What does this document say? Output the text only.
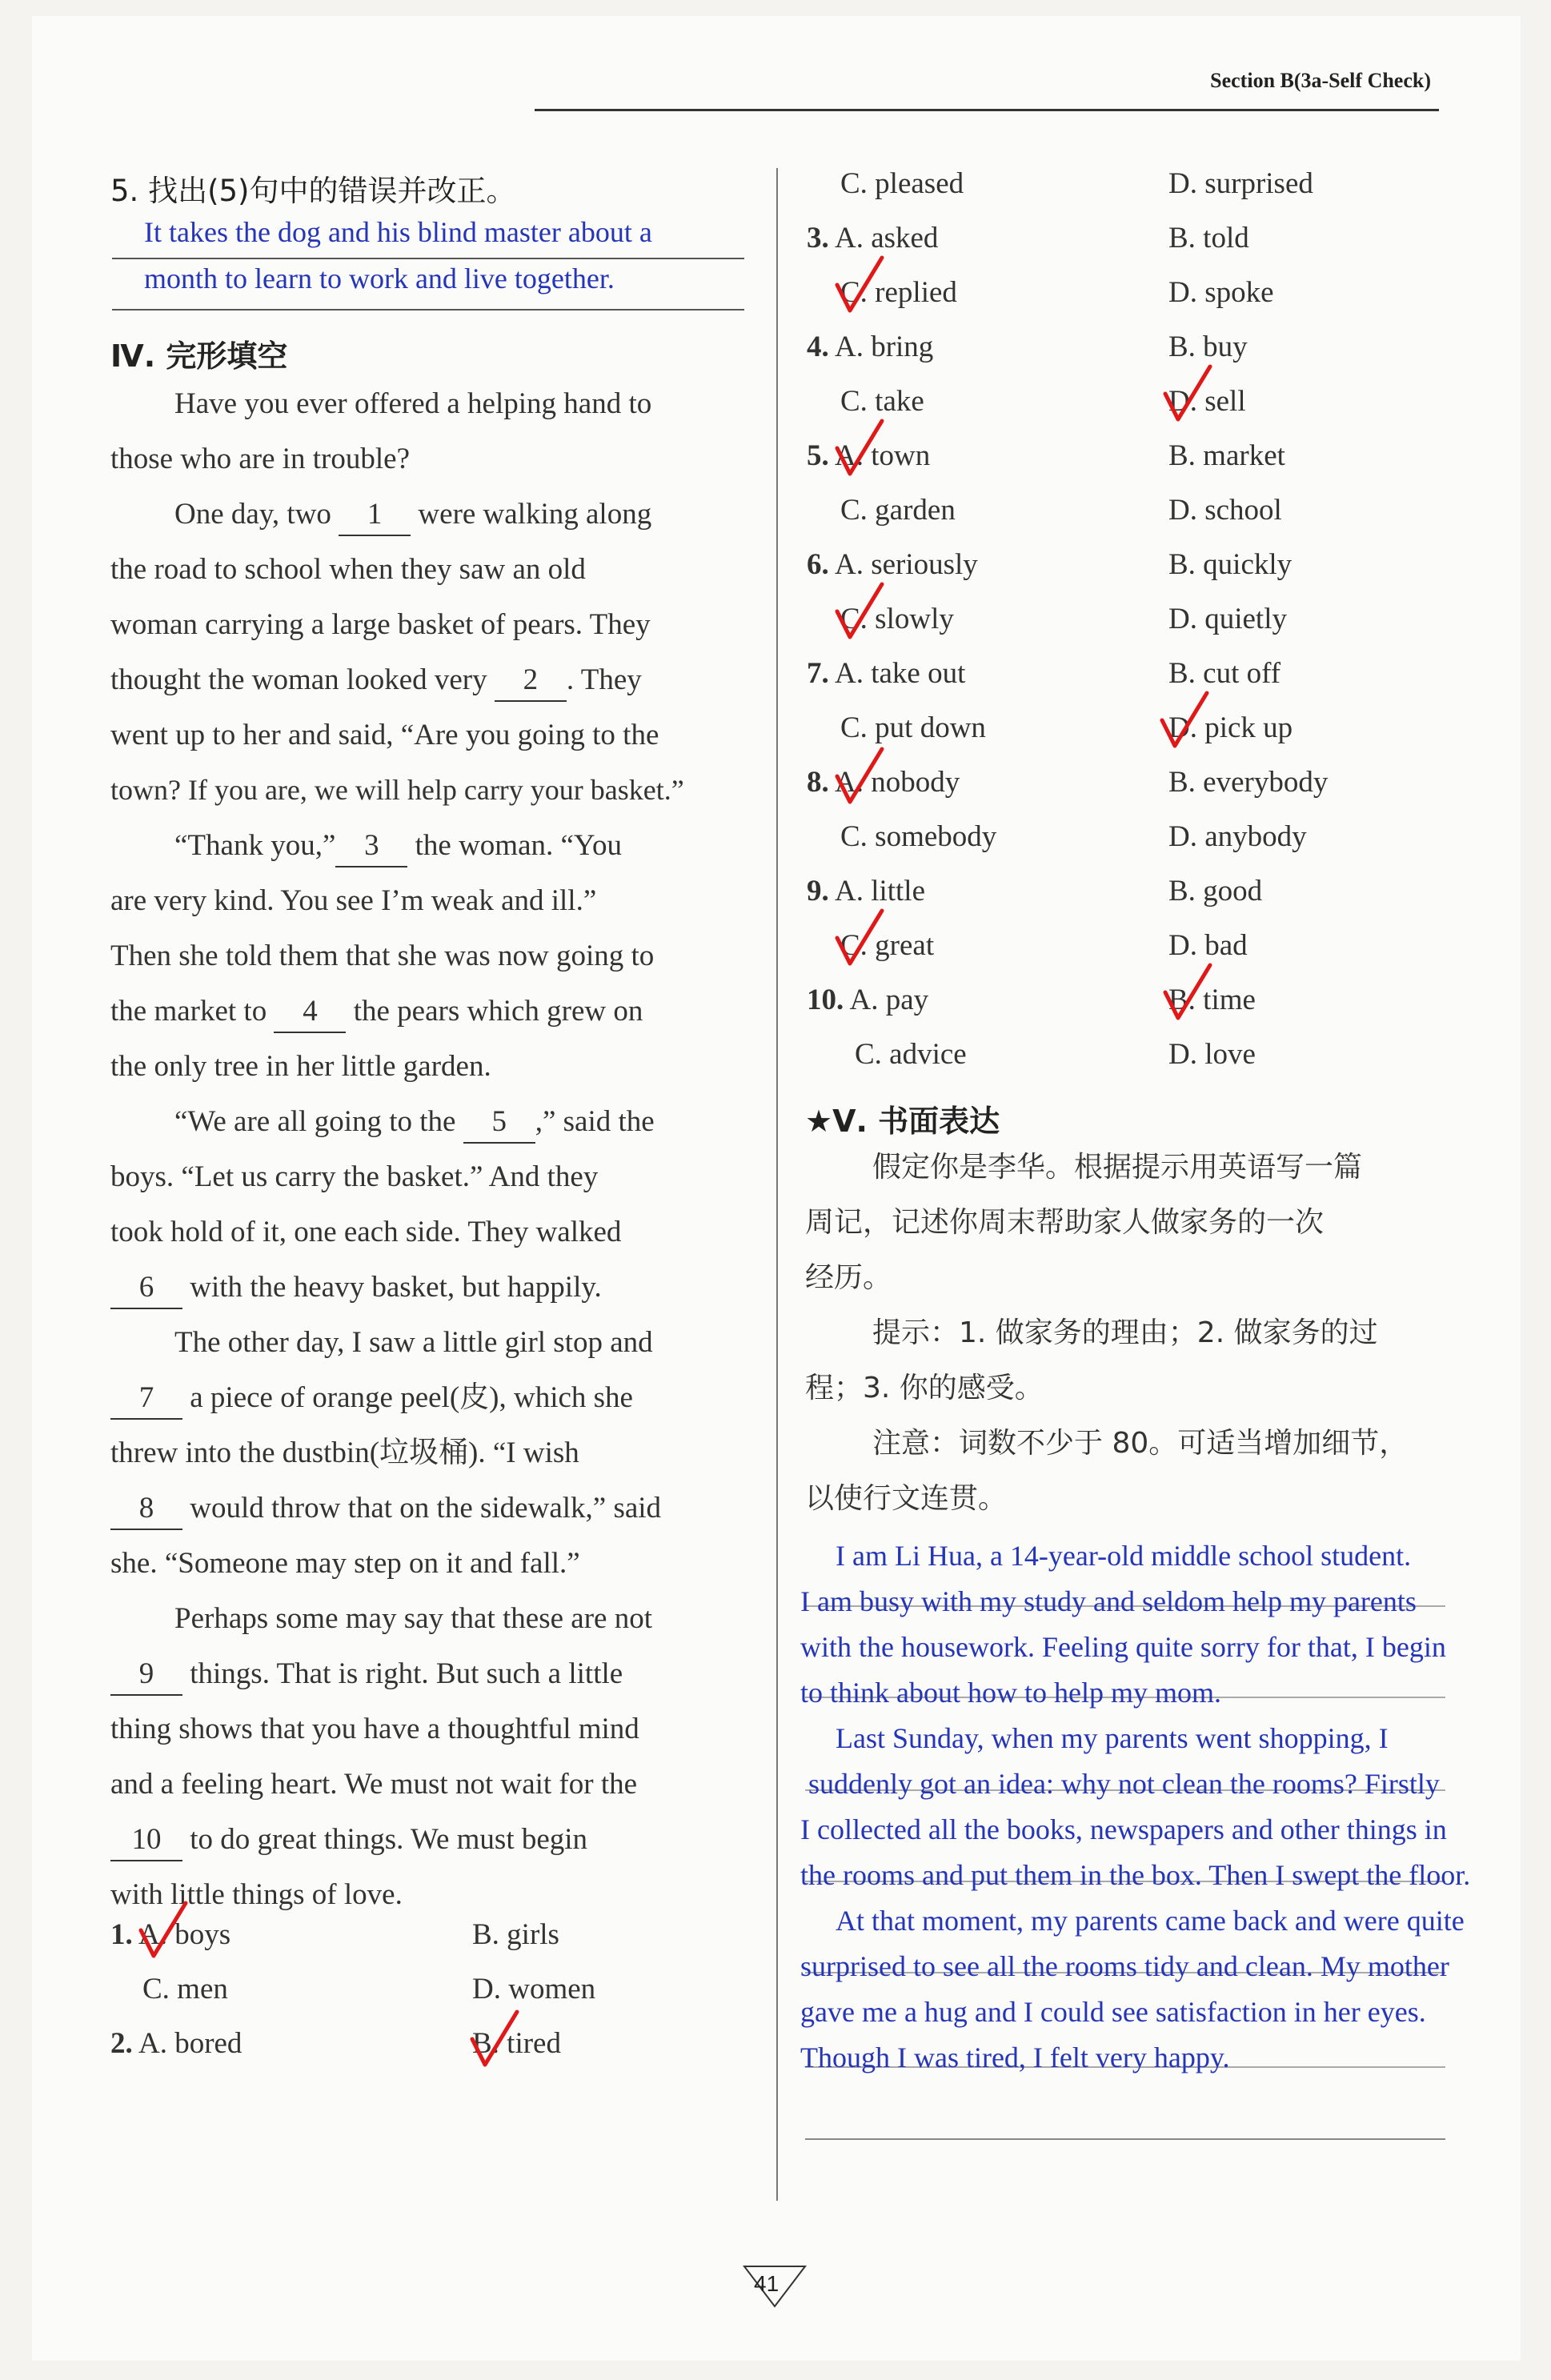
Section B(3a-Self Check)
5. 找出(5)句中的错误并改正。
It takes the dog and his blind master about a
month to learn to work and live together.
Ⅳ. 完形填空
Have you ever offered a helping hand to
those who are in trouble?
One day, two 1 were walking along
the road to school when they saw an old
woman carrying a large basket of pears. They
thought the woman looked very 2 . They
went up to her and said, “Are you going to the
town? If you are, we will help carry your basket.”
“Thank you,” 3 the woman. “You
are very kind. You see I’m weak and ill.”
Then she told them that she was now going to
the market to 4 the pears which grew on
the only tree in her little garden.
“We are all going to the 5 ,” said the
boys. “Let us carry the basket.” And they
took hold of it, one each side. They walked
6 with the heavy basket, but happily.
The other day, I saw a little girl stop and
7 a piece of orange peel(皮), which she
threw into the dustbin(垃圾桶). “I wish
8 would throw that on the sidewalk,” said
she. “Someone may step on it and fall.”
Perhaps some may say that these are not
9 things. That is right. But such a little
thing shows that you have a thoughtful mind
and a feeling heart. We must not wait for the
10 to do great things. We must begin
with little things of love.
1. A. boys	B. girls
C. men	D. women
2. A. bored	B. tired
C. pleased	D. surprised
3. A. asked	B. told
C. replied	D. spoke
4. A. bring	B. buy
C. take	D. sell
5. A. town	B. market
C. garden	D. school
6. A. seriously	B. quickly
C. slowly	D. quietly
7. A. take out	B. cut off
C. put down	D. pick up
8. A. nobody	B. everybody
C. somebody	D. anybody
9. A. little	B. good
C. great	D. bad
10. A. pay	B. time
C. advice	D. love
★Ⅴ. 书面表达
假定你是李华。根据提示用英语写一篇
周记，记述你周末帮助家人做家务的一次
经历。
提示：1. 做家务的理由；2. 做家务的过
程；3. 你的感受。
注意：词数不少于 80。可适当增加细节，
以使行文连贯。
I am Li Hua, a 14-year-old middle school student.
I am busy with my study and seldom help my parents
with the housework. Feeling quite sorry for that, I begin
to think about how to help my mom.
Last Sunday, when my parents went shopping, I
suddenly got an idea: why not clean the rooms? Firstly
I collected all the books, newspapers and other things in
the rooms and put them in the box. Then I swept the floor.
At that moment, my parents came back and were quite
surprised to see all the rooms tidy and clean. My mother
gave me a hug and I could see satisfaction in her eyes.
Though I was tired, I felt very happy.
41
